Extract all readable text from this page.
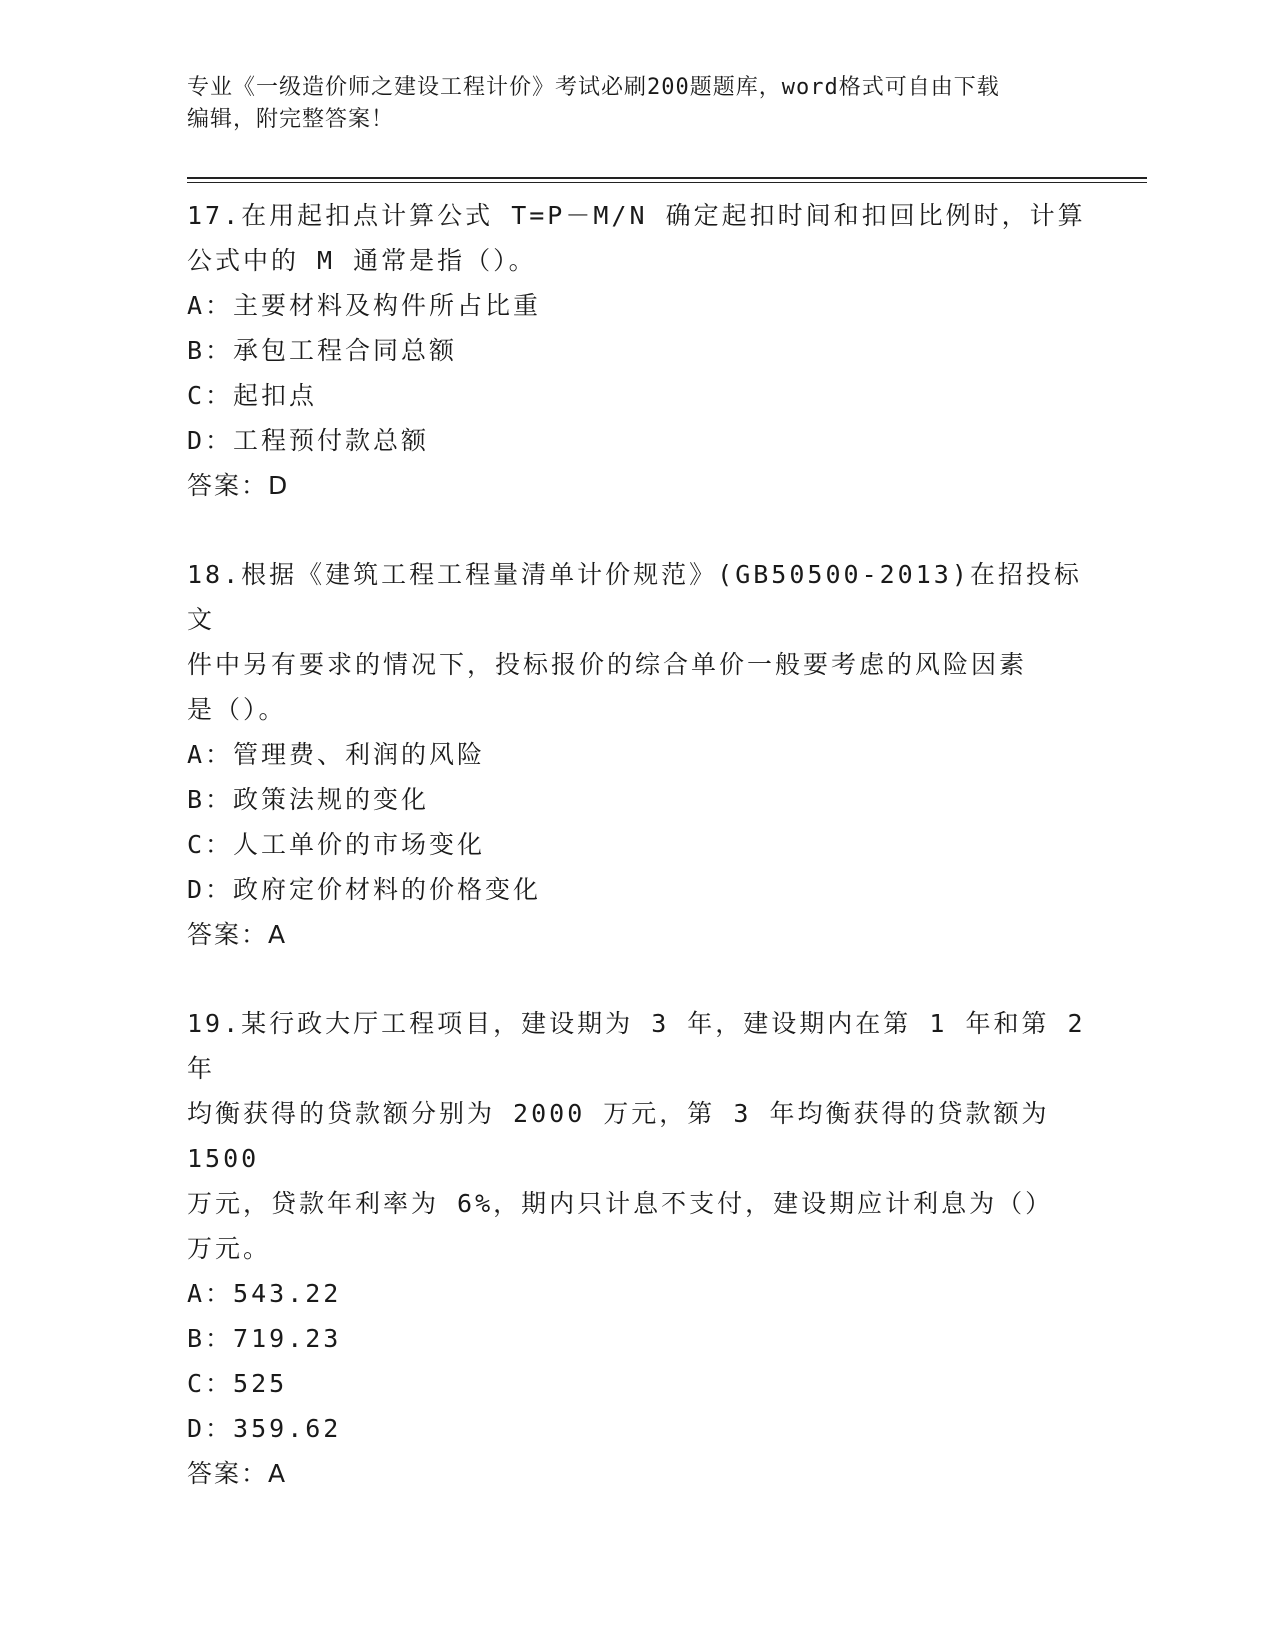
专业《一级造价师之建设工程计价》考试必刷200题题库，word格式可自由下载
编辑，附完整答案！

17.在用起扣点计算公式 T=P－M/N 确定起扣时间和扣回比例时，计算

公式中的 M 通常是指（）。

A：主要材料及构件所占比重

B：承包工程合同总额

C：起扣点

D：工程预付款总额

答案：D

18.根据《建筑工程工程量清单计价规范》(GB50500-2013)在招投标文

件中另有要求的情况下，投标报价的综合单价一般要考虑的风险因素

是（）。

A：管理费、利润的风险

B：政策法规的变化

C：人工单价的市场变化

D：政府定价材料的价格变化

答案：A

19.某行政大厅工程项目，建设期为 3 年，建设期内在第 1 年和第 2 年

均衡获得的贷款额分别为 2000 万元，第 3 年均衡获得的贷款额为 1500

万元，贷款年利率为 6%，期内只计息不支付，建设期应计利息为（）

万元。

A：543.22

B：719.23

C：525

D：359.62

答案：A
